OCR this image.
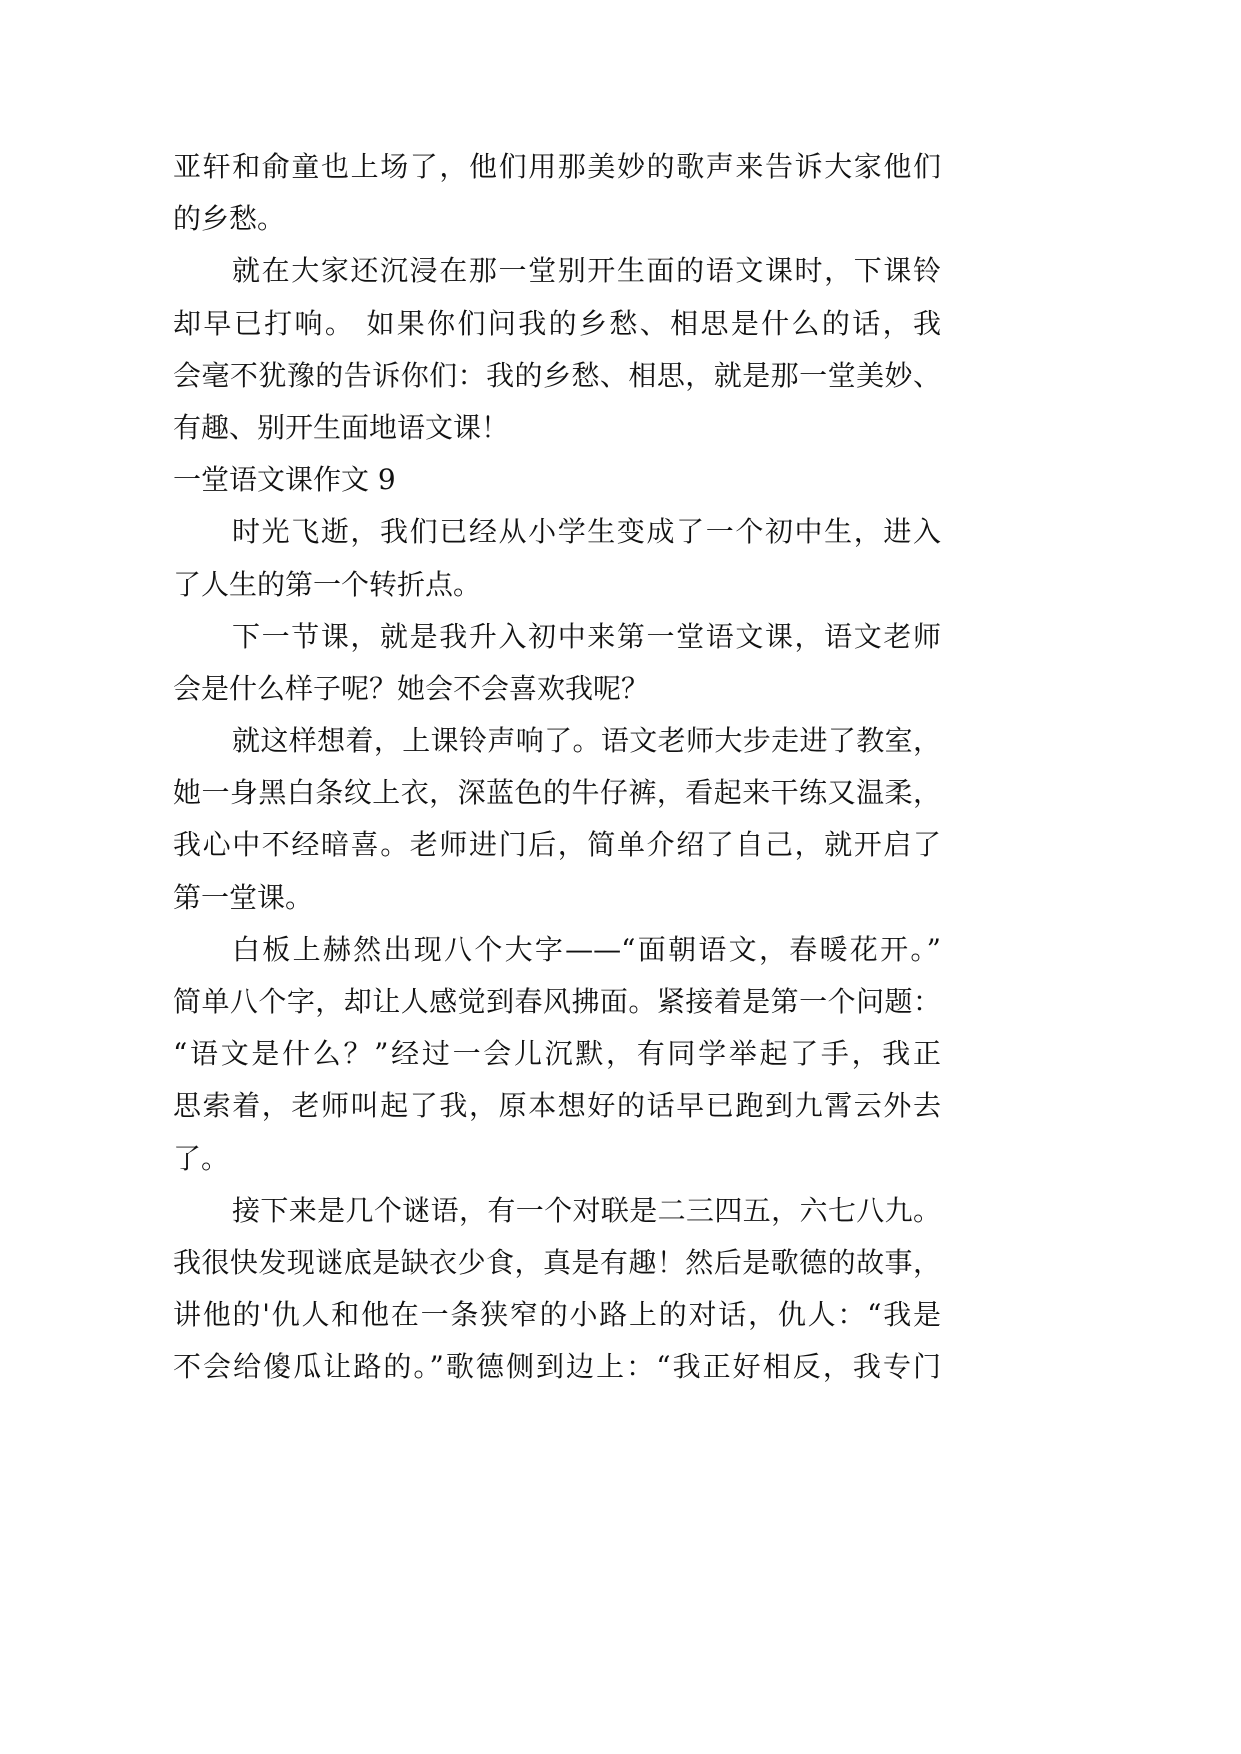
亚轩和俞童也上场了，他们用那美妙的歌声来告诉大家他们
的乡愁。
就在大家还沉浸在那一堂别开生面的语文课时，下课铃
却早已打响。 如果你们问我的乡愁、相思是什么的话，我
会毫不犹豫的告诉你们：我的乡愁、相思，就是那一堂美妙、
有趣、别开生面地语文课！
一堂语文课作文 9
时光飞逝，我们已经从小学生变成了一个初中生，进入
了人生的第一个转折点。
下一节课，就是我升入初中来第一堂语文课，语文老师
会是什么样子呢？她会不会喜欢我呢？
就这样想着，上课铃声响了。语文老师大步走进了教室，
她一身黑白条纹上衣，深蓝色的牛仔裤，看起来干练又温柔，
我心中不经暗喜。老师进门后，简单介绍了自己，就开启了
第一堂课。
白板上赫然出现八个大字——“面朝语文，春暖花开。”
简单八个字，却让人感觉到春风拂面。紧接着是第一个问题：
“语文是什么？”经过一会儿沉默，有同学举起了手，我正
思索着，老师叫起了我，原本想好的话早已跑到九霄云外去
了。
接下来是几个谜语，有一个对联是二三四五，六七八九。
我很快发现谜底是缺衣少食，真是有趣！然后是歌德的故事，
讲他的'仇人和他在一条狭窄的小路上的对话，仇人：“我是
不会给傻瓜让路的。”歌德侧到边上：“我正好相反，我专门
